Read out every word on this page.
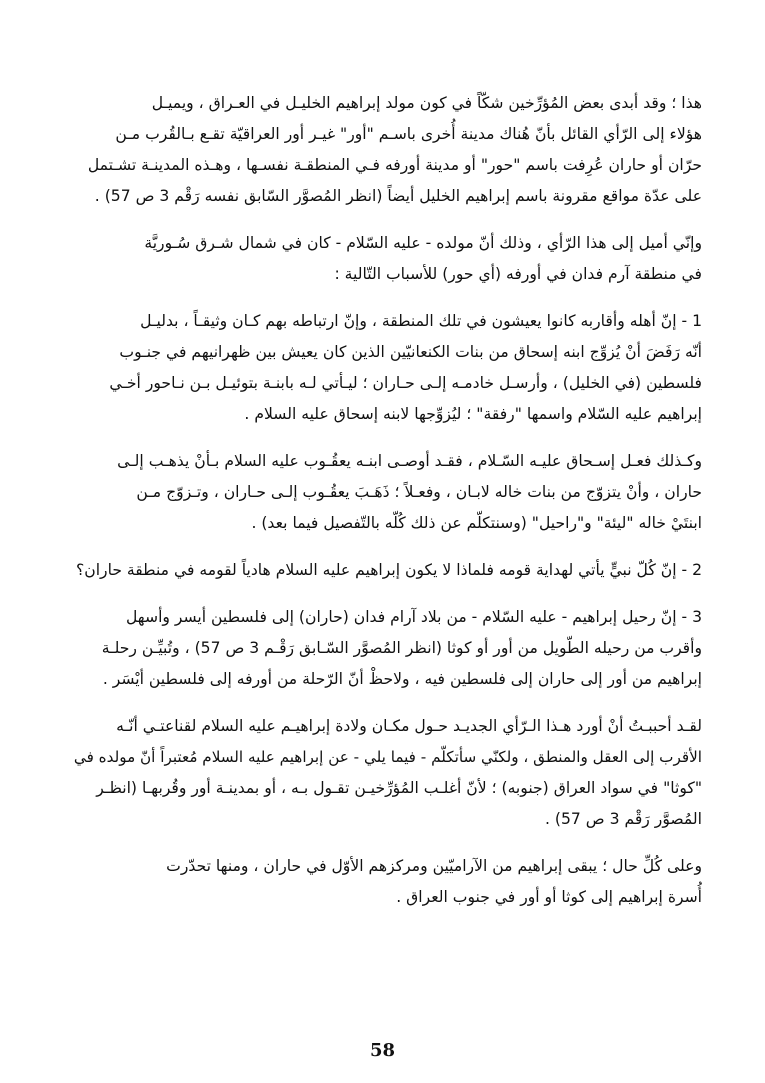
هذا ؛ وقد أبدى بعض المُؤرِّخين شكّاً في كون مولد إبراهيم الخليـل في العـراق ، ويميـل
هؤلاء إلى الرّأي القائل بأنّ هُناك مدينة أُخرى باسـم "أور" غيـر أور العراقيّة تقـع بـالقُرب مـن
حرّان أو حاران عُرِفت باسم "حور" أو مدينة أورفه فـي المنطقـة نفسـها ، وهـذه المدينـة تشـتمل
على عدّة مواقع مقرونة باسم إبراهيم الخليل أيضاً (انظر المُصوَّر السّابق نفسه رَقْم 3 ص 57) .
وإنّي أميل إلى هذا الرّأي ، وذلك أنّ مولده - عليه السّلام - كان في شمال شـرق سُـوريَّة
في منطقة آرم فدان في أورفه (أي حور) للأسباب التّالية :
1 - إنّ أهله وأقاربه كانوا يعيشون في تلك المنطقة ، وإنّ ارتباطه بهم كـان وثيقـاً ، بدليـل
أنّه رَفَضَ أنْ يُزوِّج ابنه إسحاق من بنات الكنعانيّين الذين كان يعيش بين ظهرانيهم في جنـوب
فلسطين (في الخليل) ، وأرسـل خادمـه إلـى حـاران ؛ ليـأتي لـه بابنـة بتوئيـل بـن نـاحور أخـي
إبراهيم عليه السّلام واسمها "رفقة" ؛ ليُزوِّجها لابنه إسحاق عليه السلام .
وكـذلك فعـل إسـحاق عليـه السّـلام ، فقـد أوصـى ابنـه يعقُـوب عليه السلام بـأنْ يذهـب إلـى
حاران ، وأنْ يتزوّج من بنات خاله لابـان ، وفعـلاً ؛ ذَهَـبَ يعقُـوب إلـى حـاران ، وتـزوّج مـن
ابنتَيْ خاله "ليئة" و"راحيل" (وسنتكلّم عن ذلك كُلّه بالتّفصيل فيما بعد) .
2 - إنّ كُلّ نبيٍّ يأتي لهداية قومه فلماذا لا يكون إبراهيم عليه السلام هادياً لقومه في منطقة حاران؟
3 - إنّ رحيل إبراهيم - عليه السّلام - من بلاد آرام فدان (حاران) إلى فلسطين أيسر وأسهل
وأقرب من رحيله الطّويل من أور أو كوثا (انظر المُصوَّر السّـابق رَقْـم 3 ص 57) ، وتُبيِّـن رحلـة
إبراهيم من أور إلى حاران إلى فلسطين فيه ، ولاحظْ أنّ الرّحلة من أورفه إلى فلسطين أيْسَر .
لقـد أحببـتُ أنْ أورد هـذا الـرّأي الجديـد حـول مكـان ولادة إبراهيـم عليه السلام لقناعتـي أنّـه
الأقرب إلى العقل والمنطق ، ولكنّي سأتكلّم - فيما يلي - عن إبراهيم عليه السلام مُعتبراً أنّ مولده في
"كوثا" في سواد العراق (جنوبه) ؛ لأنّ أغلـب المُؤرِّخيـن تقـول بـه ، أو بمدينـة أور وقُربهـا (انظـر
المُصوَّر رَقْم 3 ص 57) .
وعلى كُلِّ حال ؛ يبقى إبراهيم من الآراميّين ومركزهم الأوّل في حاران ، ومنها تحدّرت
أُسرة إبراهيم إلى كوثا أو أور في جنوب العراق .
58
